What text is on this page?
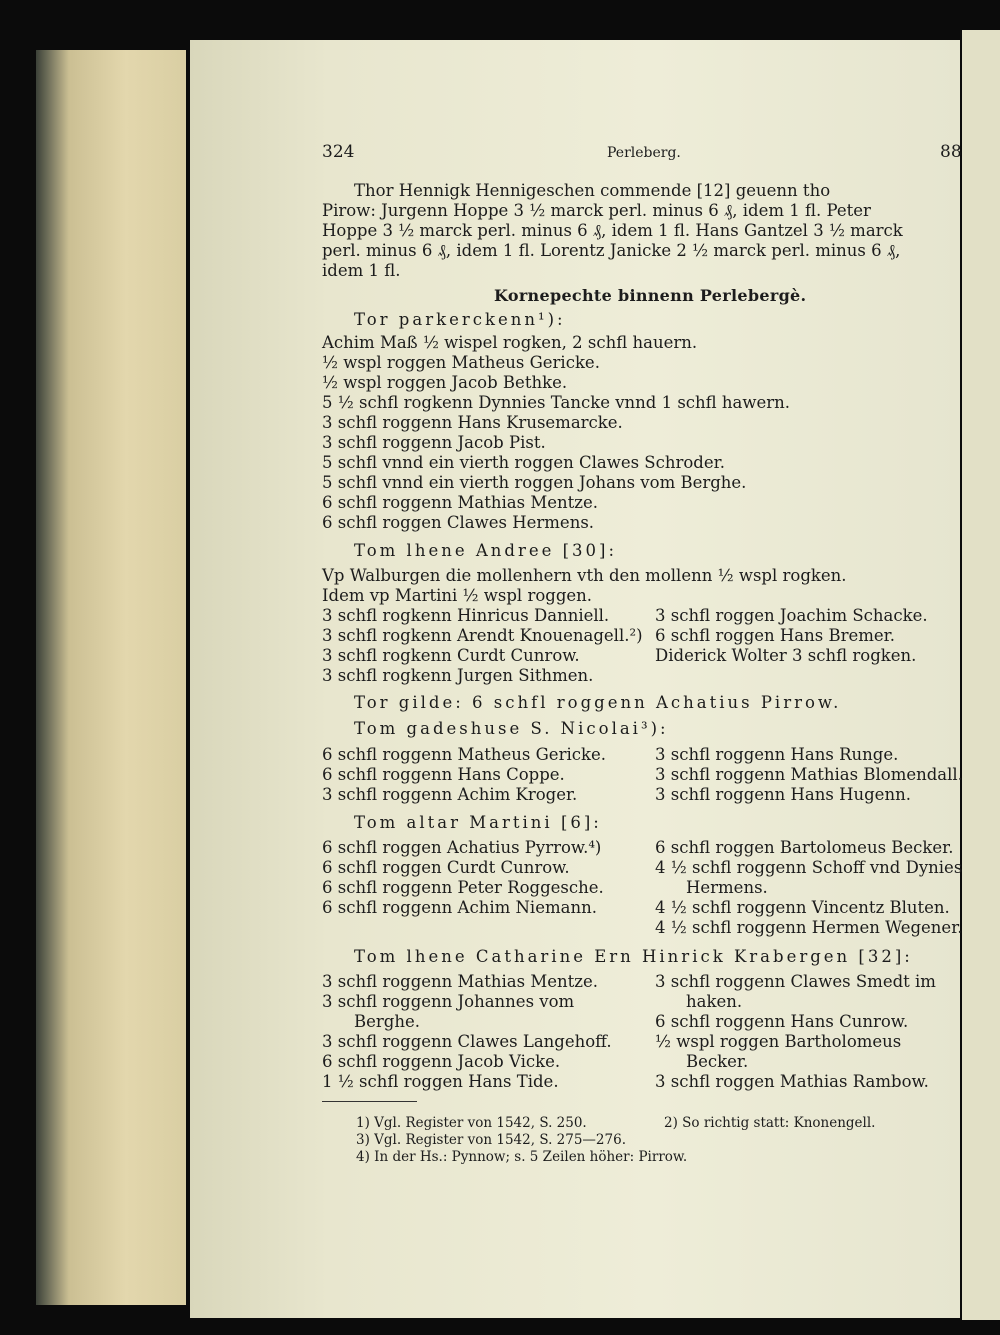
324	Perleberg.	88
Thor Hennigk Hennigeschen commende [12] geuenn tho
Pirow: Jurgenn Hoppe 3 ½ marck perl. minus 6 ₰, idem 1 fl. Peter
Hoppe 3 ½ marck perl. minus 6 ₰, idem 1 fl. Hans Gantzel 3 ½ marck
perl. minus 6 ₰, idem 1 fl. Lorentz Janicke 2 ½ marck perl. minus 6 ₰,
idem 1 fl.
Kornepechte binnenn Perlebergè.
Tor parkerckenn¹):
Achim Maß ½ wispel rogken, 2 schfl hauern.
½ wspl roggen Matheus Gericke.
½ wspl roggen Jacob Bethke.
5 ½ schfl rogkenn Dynnies Tancke vnnd 1 schfl hawern.
3 schfl roggenn Hans Krusemarcke.
3 schfl roggenn Jacob Pist.
5 schfl vnnd ein vierth roggen Clawes Schroder.
5 schfl vnnd ein vierth roggen Johans vom Berghe.
6 schfl roggenn Mathias Mentze.
6 schfl roggen Clawes Hermens.
Tom lhene Andree [30]:
Vp Walburgen die mollenhern vth den mollenn ½ wspl rogken.
Idem vp Martini ½ wspl roggen.
3 schfl rogkenn Hinricus Danniell.
3 schfl rogkenn Arendt Knouenagell.²)
3 schfl rogkenn Curdt Cunrow.
3 schfl rogkenn Jurgen Sithmen.
3 schfl roggen Joachim Schacke.
6 schfl roggen Hans Bremer.
Diderick Wolter 3 schfl rogken.
Tor gilde: 6 schfl roggenn Achatius Pirrow.
Tom gadeshuse S. Nicolai³):
6 schfl roggenn Matheus Gericke.
6 schfl roggenn Hans Coppe.
3 schfl roggenn Achim Kroger.
3 schfl roggenn Hans Runge.
3 schfl roggenn Mathias Blomendall.
3 schfl roggenn Hans Hugenn.
Tom altar Martini [6]:
6 schfl roggen Achatius Pyrrow.⁴)
6 schfl roggen Curdt Cunrow.
6 schfl roggenn Peter Roggesche.
6 schfl roggenn Achim Niemann.
6 schfl roggen Bartolomeus Becker.
4 ½ schfl roggenn Schoff vnd Dynies
Hermens.
4 ½ schfl roggenn Vincentz Bluten.
4 ½ schfl roggenn Hermen Wegener.
Tom lhene Catharine Ern Hinrick Krabergen [32]:
3 schfl roggenn Mathias Mentze.
3 schfl roggenn Johannes vom
Berghe.
3 schfl roggenn Clawes Langehoff.
6 schfl roggenn Jacob Vicke.
1 ½ schfl roggen Hans Tide.
3 schfl roggenn Clawes Smedt im
haken.
6 schfl roggenn Hans Cunrow.
½ wspl roggen Bartholomeus
Becker.
3 schfl roggen Mathias Rambow.
1) Vgl. Register von 1542, S. 250.	2) So richtig statt: Knonengell.
3) Vgl. Register von 1542, S. 275—276.
4) In der Hs.: Pynnow; s. 5 Zeilen höher: Pirrow.
